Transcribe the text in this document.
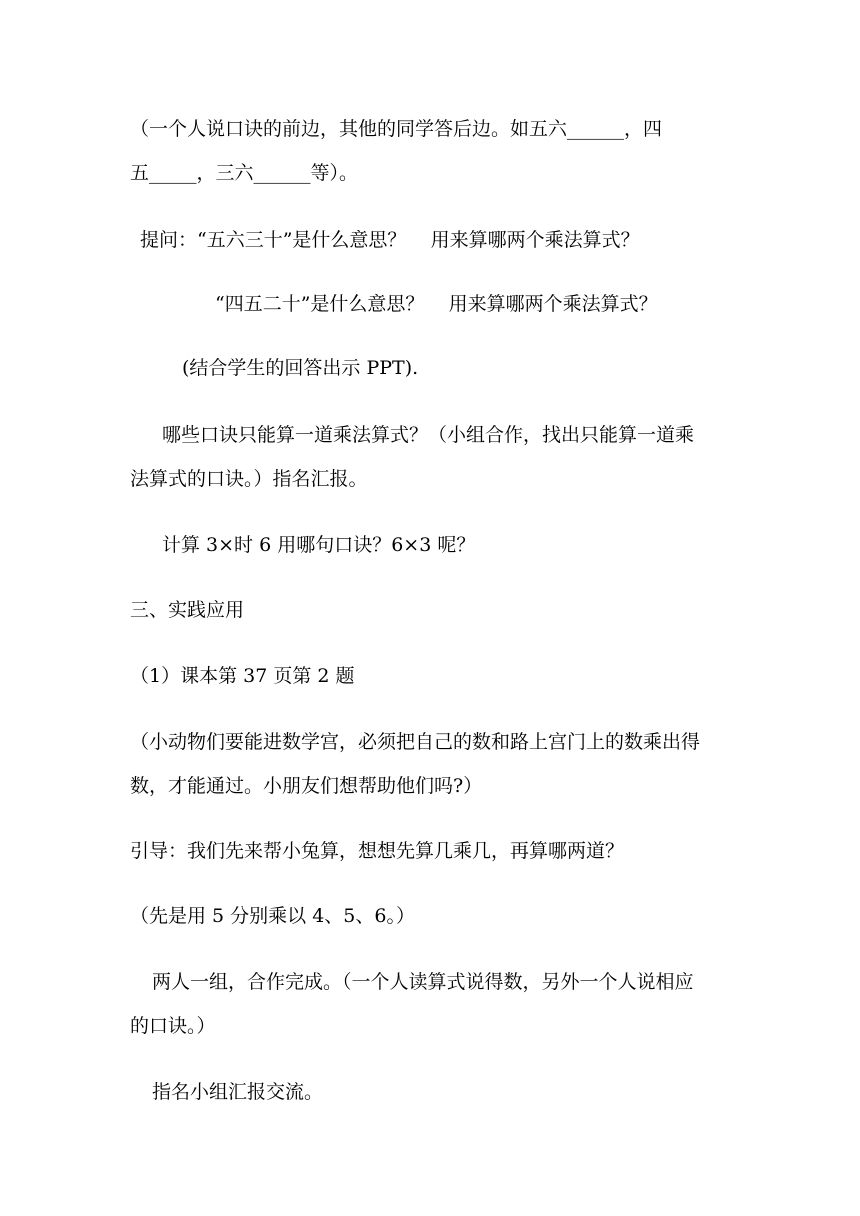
（一个人说口诀的前边，其他的同学答后边。如五六______，四
五_____，三六______等）。
提问：“五六三十”是什么意思？    用来算哪两个乘法算式？
“四五二十”是什么意思？    用来算哪两个乘法算式？
(结合学生的回答出示 PPT).
哪些口诀只能算一道乘法算式？（小组合作，找出只能算一道乘
法算式的口诀。）指名汇报。
计算 3×时 6 用哪句口诀？6×3 呢？
三、实践应用
（1）课本第 37 页第 2 题
（小动物们要能进数学宫，必须把自己的数和路上宫门上的数乘出得
数，才能通过。小朋友们想帮助他们吗?）
引导：我们先来帮小兔算，想想先算几乘几，再算哪两道？
（先是用 5 分别乘以 4、5、6。）
两人一组，合作完成。（一个人读算式说得数，另外一个人说相应
的口诀。）
指名小组汇报交流。
